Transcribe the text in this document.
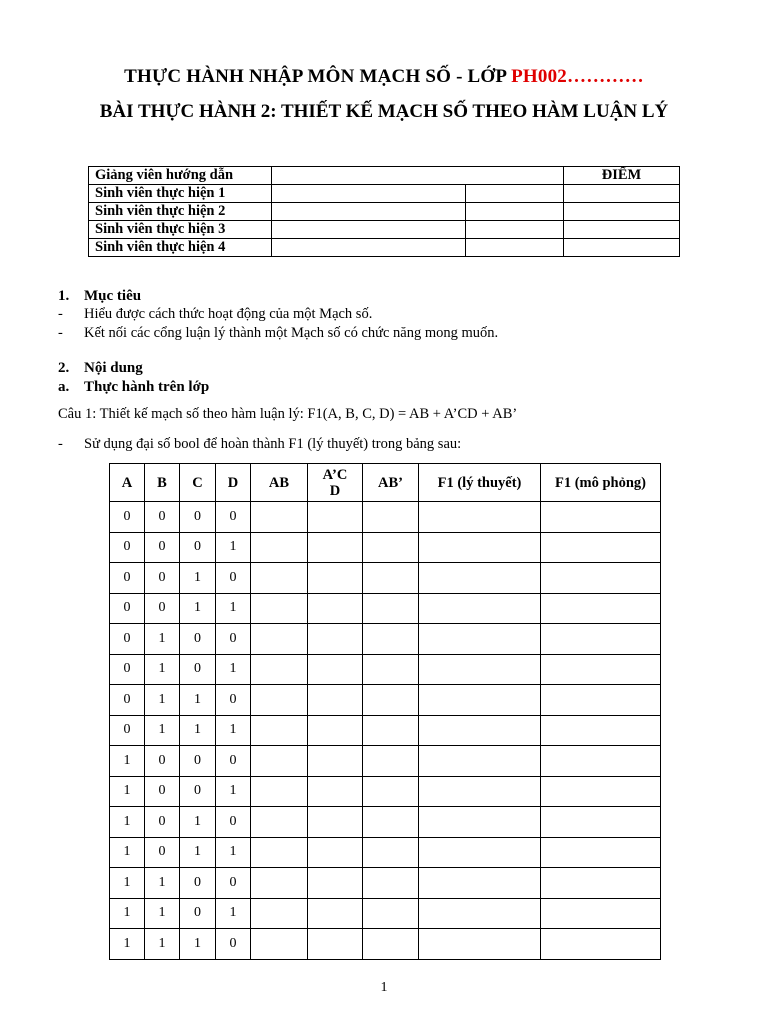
THỰC HÀNH NHẬP MÔN MẠCH SỐ - LỚP PH002…………
BÀI THỰC HÀNH 2: THIẾT KẾ MẠCH SỐ THEO HÀM LUẬN LÝ
Giảng viên hướng dẫn			ĐIỂM
Sinh viên thực hiện 1			
Sinh viên thực hiện 2			
Sinh viên thực hiện 3			
Sinh viên thực hiện 4			
1. Mục tiêu
- Hiểu được cách thức hoạt động của một Mạch số.
- Kết nối các cổng luận lý thành một Mạch số có chức năng mong muốn.
2. Nội dung
a. Thực hành trên lớp
Câu 1: Thiết kế mạch số theo hàm luận lý: F1(A, B, C, D) = AB + A’CD + AB’
- Sử dụng đại số bool để hoàn thành F1 (lý thuyết) trong bảng sau:
A	B	C	D	AB	A’C D	AB’	F1 (lý thuyết)	F1 (mô phỏng)
0	0	0	0					
0	0	0	1					
0	0	1	0					
0	0	1	1					
0	1	0	0					
0	1	0	1					
0	1	1	0					
0	1	1	1					
1	0	0	0					
1	0	0	1					
1	0	1	0					
1	0	1	1					
1	1	0	0					
1	1	0	1					
1	1	1	0					
1
